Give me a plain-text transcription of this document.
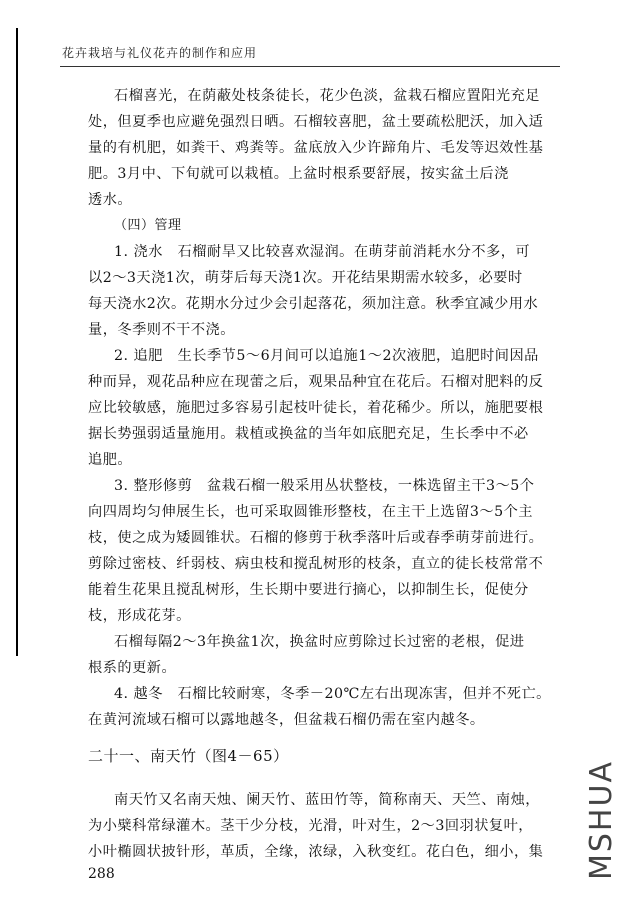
花卉栽培与礼仪花卉的制作和应用
石榴喜光，在荫蔽处枝条徒长，花少色淡，盆栽石榴应置阳光充足
处，但夏季也应避免强烈日晒。石榴较喜肥，盆土要疏松肥沃，加入适
量的有机肥，如粪干、鸡粪等。盆底放入少许蹄角片、毛发等迟效性基
肥。3月中、下旬就可以栽植。上盆时根系要舒展，按实盆土后浇
透水。
（四）管理
1. 浇水　石榴耐旱又比较喜欢湿润。在萌芽前消耗水分不多，可
以2～3天浇1次，萌芽后每天浇1次。开花结果期需水较多，必要时
每天浇水2次。花期水分过少会引起落花，须加注意。秋季宜减少用水
量，冬季则不干不浇。
2. 追肥　生长季节5～6月间可以追施1～2次液肥，追肥时间因品
种而异，观花品种应在现蕾之后，观果品种宜在花后。石榴对肥料的反
应比较敏感，施肥过多容易引起枝叶徒长，着花稀少。所以，施肥要根
据长势强弱适量施用。栽植或换盆的当年如底肥充足，生长季中不必
追肥。
3. 整形修剪　盆栽石榴一般采用丛状整枝，一株选留主干3～5个
向四周均匀伸展生长，也可采取圆锥形整枝，在主干上选留3～5个主
枝，使之成为矮圆锥状。石榴的修剪于秋季落叶后或春季萌芽前进行。
剪除过密枝、纤弱枝、病虫枝和搅乱树形的枝条，直立的徒长枝常常不
能着生花果且搅乱树形，生长期中要进行摘心，以抑制生长，促使分
枝，形成花芽。
石榴每隔2～3年换盆1次，换盆时应剪除过长过密的老根，促进
根系的更新。
4. 越冬　石榴比较耐寒，冬季－20℃左右出现冻害，但并不死亡。
在黄河流域石榴可以露地越冬，但盆栽石榴仍需在室内越冬。
二十一、南天竹（图4－65）
南天竹又名南天烛、阑天竹、蓝田竹等，简称南天、天竺、南烛，
为小檗科常绿灌木。茎干少分枝，光滑，叶对生，2～3回羽状复叶，
小叶椭圆状披针形，革质，全缘，浓绿，入秋变红。花白色，细小，集
288	MSHUA
